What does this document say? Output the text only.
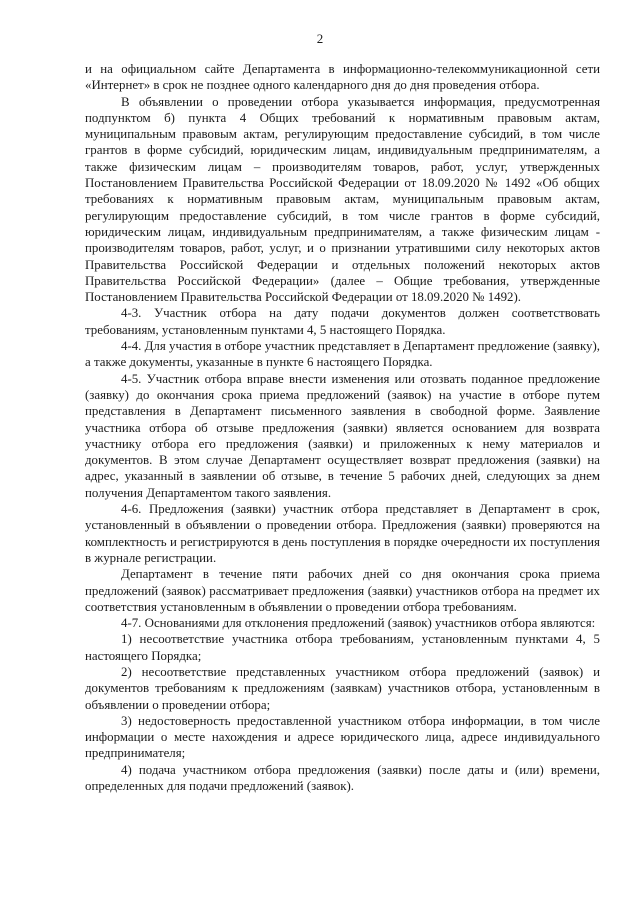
2

и на официальном сайте Департамента в информационно-телекоммуникационной сети «Интернет» в срок не позднее одного календарного дня до дня проведения отбора.

В объявлении о проведении отбора указывается информация, предусмотренная подпунктом б) пункта 4 Общих требований к нормативным правовым актам, муниципальным правовым актам, регулирующим предоставление субсидий, в том числе грантов в форме субсидий, юридическим лицам, индивидуальным предпринимателям, а также физическим лицам – производителям товаров, работ, услуг, утвержденных Постановлением Правительства Российской Федерации от 18.09.2020 № 1492 «Об общих требованиях к нормативным правовым актам, муниципальным правовым актам, регулирующим предоставление субсидий, в том числе грантов в форме субсидий, юридическим лицам, индивидуальным предпринимателям, а также физическим лицам - производителям товаров, работ, услуг, и о признании утратившими силу некоторых актов Правительства Российской Федерации и отдельных положений некоторых актов Правительства Российской Федерации» (далее – Общие требования, утвержденные Постановлением Правительства Российской Федерации от 18.09.2020 № 1492).

4-3. Участник отбора на дату подачи документов должен соответствовать требованиям, установленным пунктами 4, 5 настоящего Порядка.

4-4. Для участия в отборе участник представляет в Департамент предложение (заявку), а также документы, указанные в пункте 6 настоящего Порядка.

4-5. Участник отбора вправе внести изменения или отозвать поданное предложение (заявку) до окончания срока приема предложений (заявок) на участие в отборе путем представления в Департамент письменного заявления в свободной форме. Заявление участника отбора об отзыве предложения (заявки) является основанием для возврата участнику отбора его предложения (заявки) и приложенных к нему материалов и документов. В этом случае Департамент осуществляет возврат предложения (заявки) на адрес, указанный в заявлении об отзыве, в течение 5 рабочих дней, следующих за днем получения Департаментом такого заявления.

4-6. Предложения (заявки) участник отбора представляет в Департамент в срок, установленный в объявлении о проведении отбора. Предложения (заявки) проверяются на комплектность и регистрируются в день поступления в порядке очередности их поступления в журнале регистрации.

Департамент в течение пяти рабочих дней со дня окончания срока приема предложений (заявок) рассматривает предложения (заявки) участников отбора на предмет их соответствия установленным в объявлении о проведении отбора требованиям.

4-7. Основаниями для отклонения предложений (заявок) участников отбора являются:

1) несоответствие участника отбора требованиям, установленным пунктами 4, 5 настоящего Порядка;

2) несоответствие представленных участником отбора предложений (заявок) и документов требованиям к предложениям (заявкам) участников отбора, установленным в объявлении о проведении отбора;

3) недостоверность предоставленной участником отбора информации, в том числе информации о месте нахождения и адресе юридического лица, адресе индивидуального предпринимателя;

4) подача участником отбора предложения (заявки) после даты и (или) времени, определенных для подачи предложений (заявок).
